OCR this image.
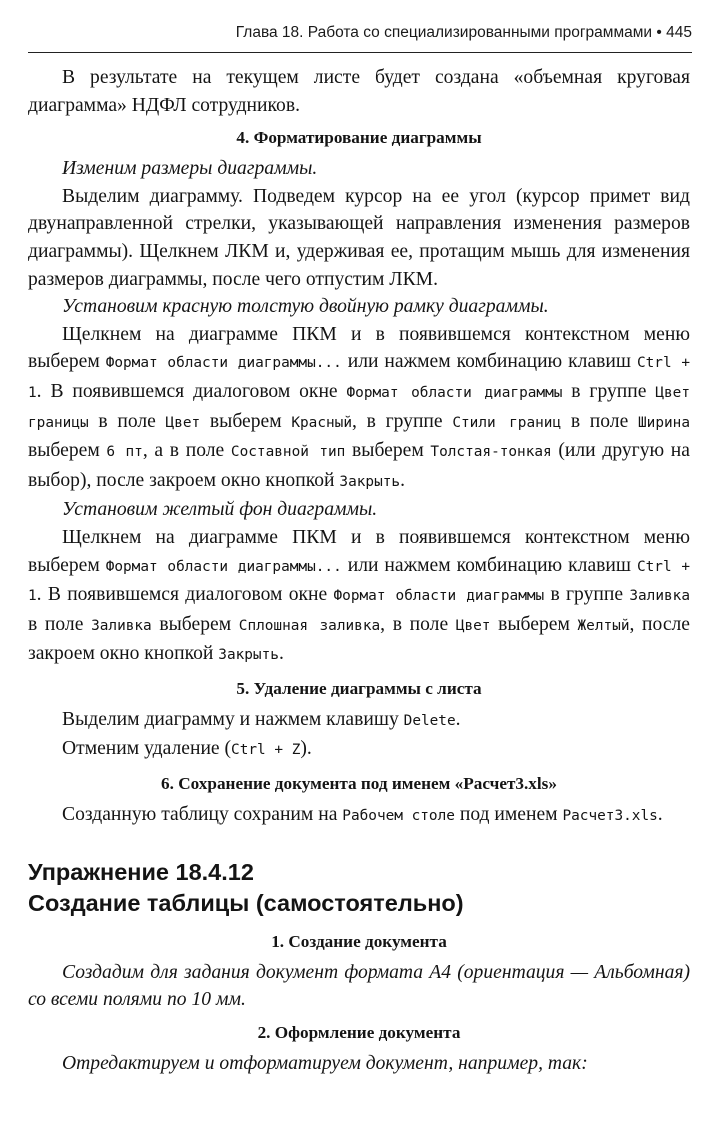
Глава 18. Работа со специализированными программами • 445

В результате на текущем листе будет создана «объемная круговая диаграмма» НДФЛ сотрудников.

4. Форматирование диаграммы

Изменим размеры диаграммы.

Выделим диаграмму. Подведем курсор на ее угол (курсор примет вид двунаправленной стрелки, указывающей направления изменения размеров диаграммы). Щелкнем ЛКМ и, удерживая ее, протащим мышь для изменения размеров диаграммы, после чего отпустим ЛКМ.

Установим красную толстую двойную рамку диаграммы.

Щелкнем на диаграмме ПКМ и в появившемся контекстном меню выберем Формат области диаграммы... или нажмем комбинацию клавиш Ctrl + 1. В появившемся диалоговом окне Формат области диаграммы в группе Цвет границы в поле Цвет выберем Красный, в группе Стили границ в поле Ширина выберем 6 пт, а в поле Составной тип выберем Толстая-тонкая (или другую на выбор), после закроем окно кнопкой Закрыть.

Установим желтый фон диаграммы.

Щелкнем на диаграмме ПКМ и в появившемся контекстном меню выберем Формат области диаграммы... или нажмем комбинацию клавиш Ctrl + 1. В появившемся диалоговом окне Формат области диаграммы в группе Заливка в поле Заливка выберем Сплошная заливка, в поле Цвет выберем Желтый, после закроем окно кнопкой Закрыть.

5. Удаление диаграммы с листа

Выделим диаграмму и нажмем клавишу Delete.

Отменим удаление (Ctrl + Z).

6. Сохранение документа под именем «Расчет3.xls»

Созданную таблицу сохраним на Рабочем столе под именем Расчет3.xls.

Упражнение 18.4.12
Создание таблицы (самостоятельно)
1. Создание документа

Создадим для задания документ формата А4 (ориентация — Альбомная) со всеми полями по 10 мм.

2. Оформление документа

Отредактируем и отформатируем документ, например, так:
